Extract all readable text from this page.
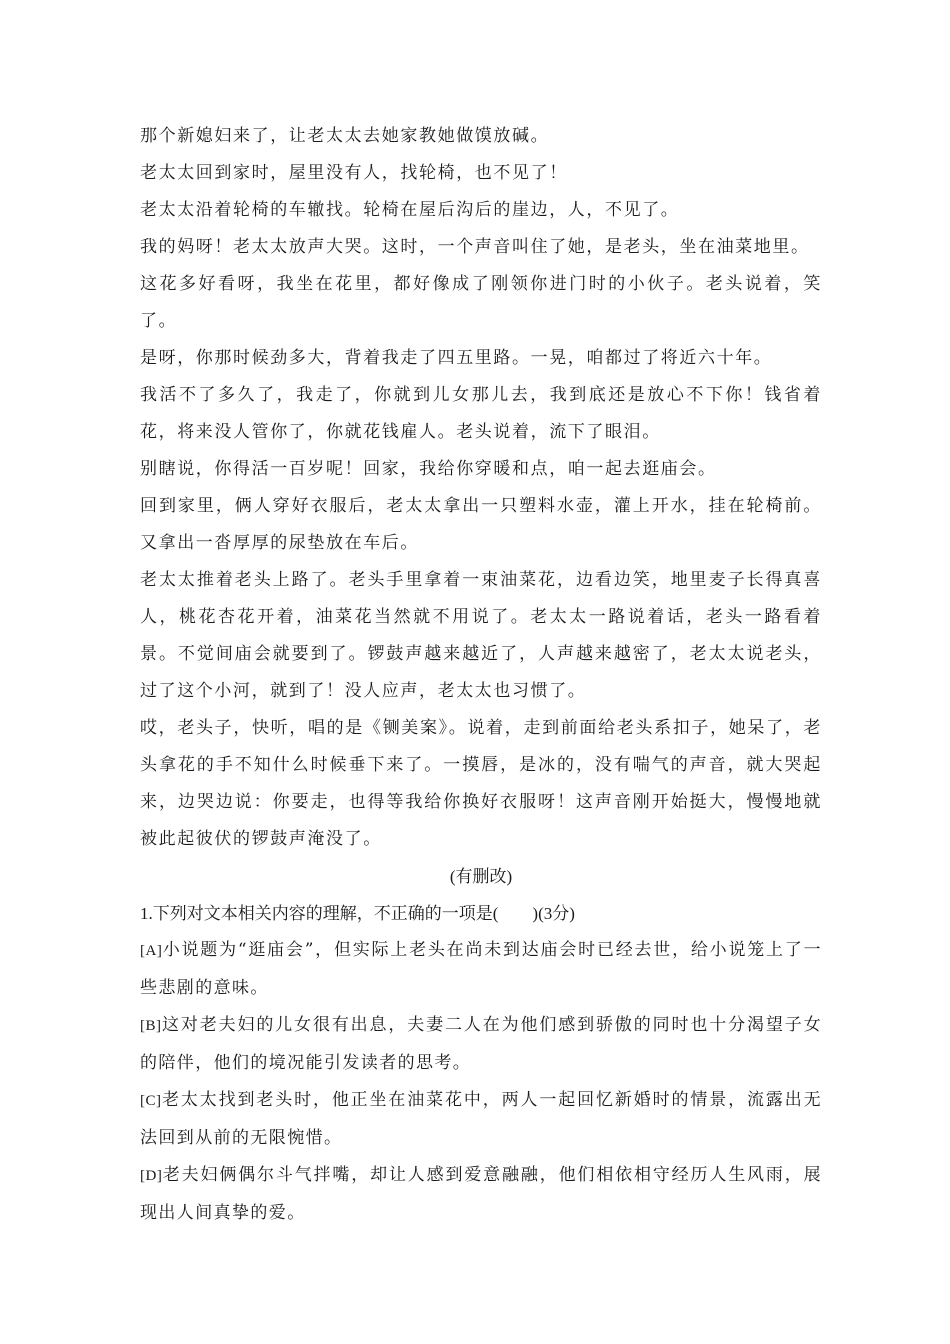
那个新媳妇来了，让老太太去她家教她做馍放碱。

老太太回到家时，屋里没有人，找轮椅，也不见了！

老太太沿着轮椅的车辙找。轮椅在屋后沟后的崖边，人，不见了。

我的妈呀！老太太放声大哭。这时，一个声音叫住了她，是老头，坐在油菜地里。

这花多好看呀，我坐在花里，都好像成了刚领你进门时的小伙子。老头说着，笑了。

是呀，你那时候劲多大，背着我走了四五里路。一晃，咱都过了将近六十年。

我活不了多久了，我走了，你就到儿女那儿去，我到底还是放心不下你！钱省着花，将来没人管你了，你就花钱雇人。老头说着，流下了眼泪。

别瞎说，你得活一百岁呢！回家，我给你穿暖和点，咱一起去逛庙会。

回到家里，俩人穿好衣服后，老太太拿出一只塑料水壶，灌上开水，挂在轮椅前。又拿出一沓厚厚的尿垫放在车后。

老太太推着老头上路了。老头手里拿着一束油菜花，边看边笑，地里麦子长得真喜人，桃花杏花开着，油菜花当然就不用说了。老太太一路说着话，老头一路看着景。不觉间庙会就要到了。锣鼓声越来越近了，人声越来越密了，老太太说老头，过了这个小河，就到了！没人应声，老太太也习惯了。

哎，老头子，快听，唱的是《铡美案》。说着，走到前面给老头系扣子，她呆了，老头拿花的手不知什么时候垂下来了。一摸唇，是冰的，没有喘气的声音，就大哭起来，边哭边说：你要走，也得等我给你换好衣服呀！这声音刚开始挺大，慢慢地就被此起彼伏的锣鼓声淹没了。

(有删改)

1.下列对文本相关内容的理解，不正确的一项是(　　)(3分)

[A]小说题为“逛庙会”，但实际上老头在尚未到达庙会时已经去世，给小说笼上了一些悲剧的意味。

[B]这对老夫妇的儿女很有出息，夫妻二人在为他们感到骄傲的同时也十分渴望子女的陪伴，他们的境况能引发读者的思考。

[C]老太太找到老头时，他正坐在油菜花中，两人一起回忆新婚时的情景，流露出无法回到从前的无限惋惜。

[D]老夫妇俩偶尔斗气拌嘴，却让人感到爱意融融，他们相依相守经历人生风雨，展现出人间真挚的爱。
